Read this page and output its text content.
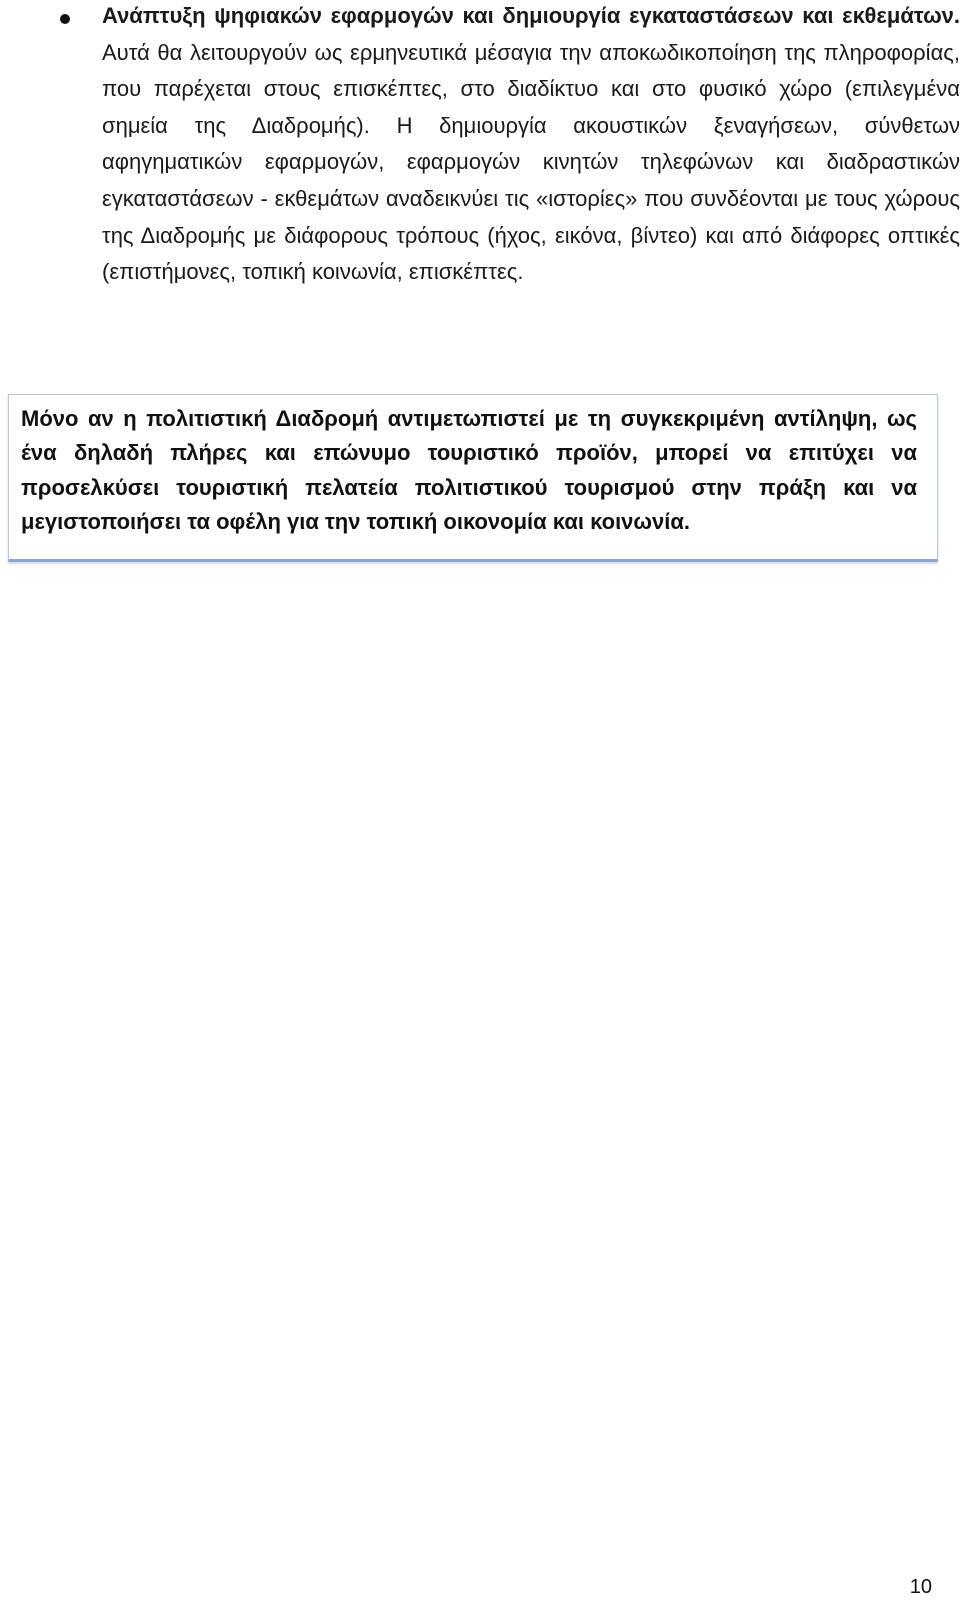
Ανάπτυξη ψηφιακών εφαρμογών και δημιουργία εγκαταστάσεων και εκθεμάτων. Αυτά θα λειτουργούν ως ερμηνευτικά μέσαγια την αποκωδικοποίηση της πληροφορίας, που παρέχεται στους επισκέπτες, στο διαδίκτυο και στο φυσικό χώρο (επιλεγμένα σημεία της Διαδρομής). Η δημιουργία ακουστικών ξεναγήσεων, σύνθετων αφηγηματικών εφαρμογών, εφαρμογών κινητών τηλεφώνων και διαδραστικών εγκαταστάσεων - εκθεμάτων αναδεικνύει τις «ιστορίες» που συνδέονται με τους χώρους της Διαδρομής με διάφορους τρόπους (ήχος, εικόνα, βίντεο) και από διάφορες οπτικές (επιστήμονες, τοπική κοινωνία, επισκέπτες.

Μόνο αν η πολιτιστική Διαδρομή αντιμετωπιστεί με τη συγκεκριμένη αντίληψη, ως ένα δηλαδή πλήρες και επώνυμο τουριστικό προϊόν, μπορεί να επιτύχει να προσελκύσει τουριστική πελατεία πολιτιστικού τουρισμού στην πράξη και να μεγιστοποιήσει τα οφέλη για την τοπική οικονομία και κοινωνία.

10
